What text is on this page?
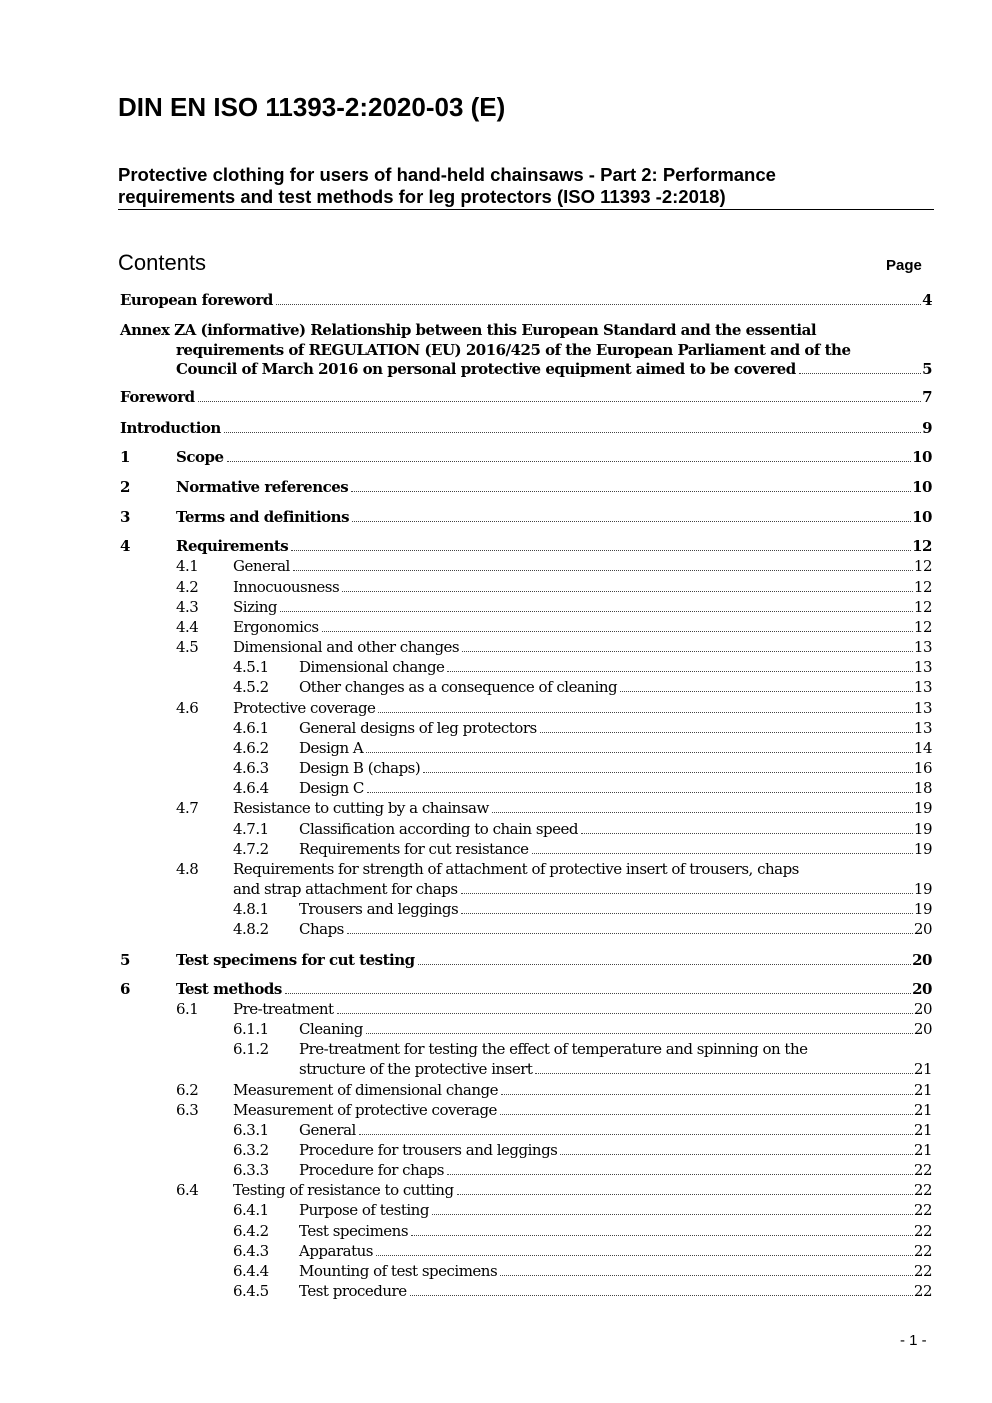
DIN EN ISO 11393-2:2020-03 (E)
Protective clothing for users of hand-held chainsaws - Part 2: Performance
requirements and test methods for leg protectors (ISO 11393 -2:2018)
Contents	Page
European foreword	4
Annex ZA (informative) Relationship between this European Standard and the essential
requirements of REGULATION (EU) 2016/425 of the European Parliament and of the
Council of March 2016 on personal protective equipment aimed to be covered	5
Foreword	7
Introduction	9
1	Scope	10
2	Normative references	10
3	Terms and definitions	10
4	Requirements	12
4.1 General	12
4.2 Innocuousness	12
4.3 Sizing	12
4.4 Ergonomics	12
4.5 Dimensional and other changes	13
4.5.1 Dimensional change	13
4.5.2 Other changes as a consequence of cleaning	13
4.6 Protective coverage	13
4.6.1 General designs of leg protectors	13
4.6.2 Design A	14
4.6.3 Design B (chaps)	16
4.6.4 Design C	18
4.7 Resistance to cutting by a chainsaw	19
4.7.1 Classification according to chain speed	19
4.7.2 Requirements for cut resistance	19
4.8 Requirements for strength of attachment of protective insert of trousers, chaps
and strap attachment for chaps	19
4.8.1 Trousers and leggings	19
4.8.2 Chaps	20
5	Test specimens for cut testing	20
6	Test methods	20
6.1 Pre-treatment	20
6.1.1 Cleaning	20
6.1.2 Pre-treatment for testing the effect of temperature and spinning on the
structure of the protective insert	21
6.2 Measurement of dimensional change	21
6.3 Measurement of protective coverage	21
6.3.1 General	21
6.3.2 Procedure for trousers and leggings	21
6.3.3 Procedure for chaps	22
6.4 Testing of resistance to cutting	22
6.4.1 Purpose of testing	22
6.4.2 Test specimens	22
6.4.3 Apparatus	22
6.4.4 Mounting of test specimens	22
6.4.5 Test procedure	22
- 1 -
